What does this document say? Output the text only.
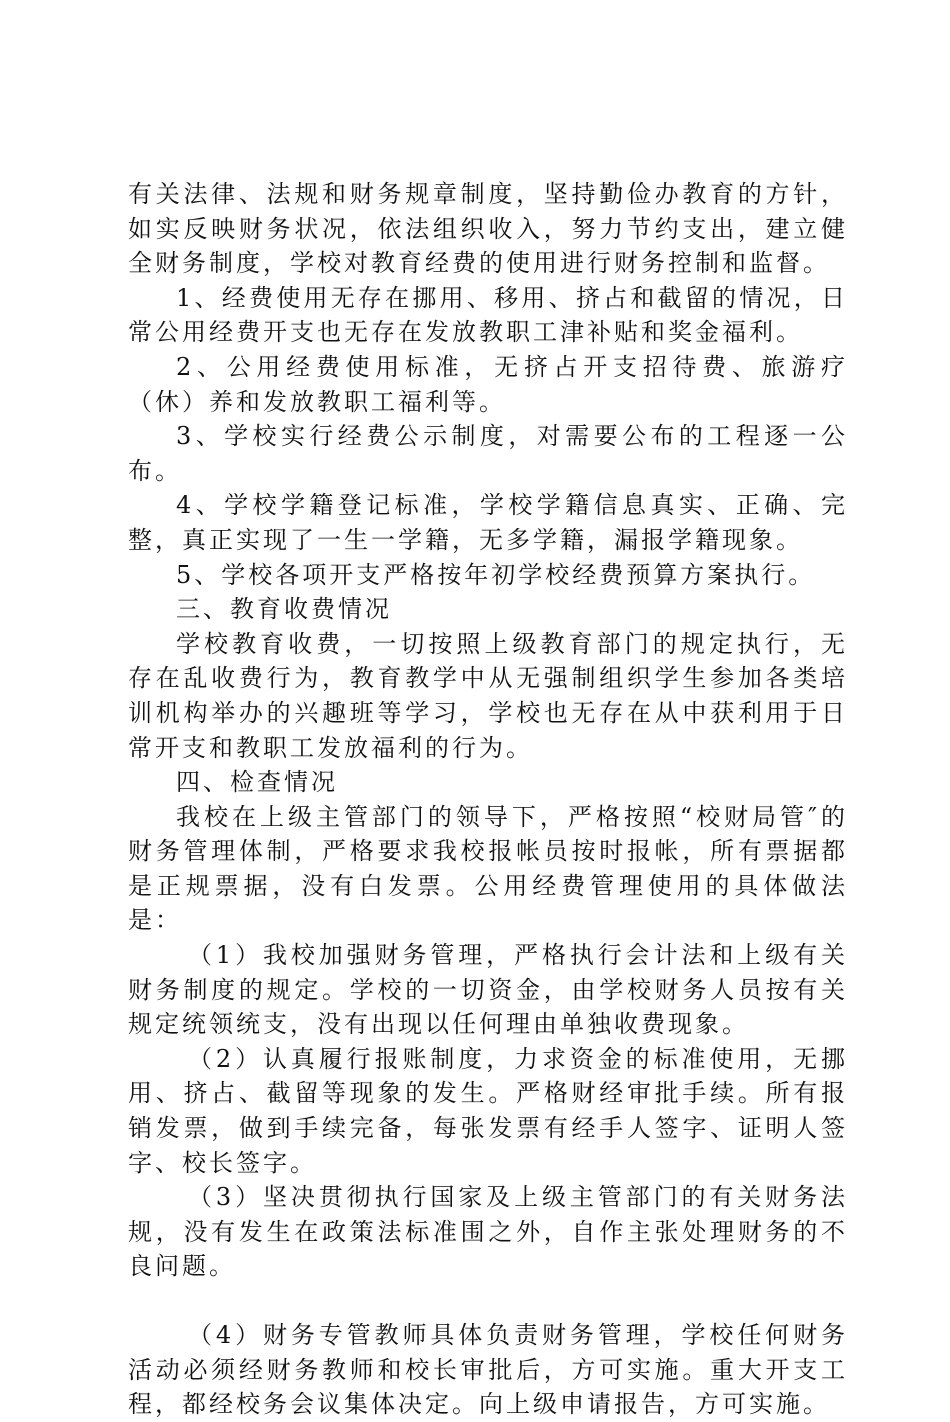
有关法律、法规和财务规章制度，坚持勤俭办教育的方针，如实反映财务状况，依法组织收入，努力节约支出，建立健全财务制度，学校对教育经费的使用进行财务控制和监督。

1、经费使用无存在挪用、移用、挤占和截留的情况，日常公用经费开支也无存在发放教职工津补贴和奖金福利。

2、公用经费使用标准，无挤占开支招待费、旅游疗（休）养和发放教职工福利等。

3、学校实行经费公示制度，对需要公布的工程逐一公布。

4、学校学籍登记标准，学校学籍信息真实、正确、完整，真正实现了一生一学籍，无多学籍，漏报学籍现象。

5、学校各项开支严格按年初学校经费预算方案执行。

三、教育收费情况

学校教育收费，一切按照上级教育部门的规定执行，无存在乱收费行为，教育教学中从无强制组织学生参加各类培训机构举办的兴趣班等学习，学校也无存在从中获利用于日常开支和教职工发放福利的行为。

四、检查情况

我校在上级主管部门的领导下，严格按照“校财局管″的财务管理体制，严格要求我校报帐员按时报帐，所有票据都是正规票据，没有白发票。公用经费管理使用的具体做法是：

（1）我校加强财务管理，严格执行会计法和上级有关财务制度的规定。学校的一切资金，由学校财务人员按有关规定统领统支，没有出现以任何理由单独收费现象。

（2）认真履行报账制度，力求资金的标准使用，无挪用、挤占、截留等现象的发生。严格财经审批手续。所有报销发票，做到手续完备，每张发票有经手人签字、证明人签字、校长签字。

（3）坚决贯彻执行国家及上级主管部门的有关财务法规，没有发生在政策法标准围之外，自作主张处理财务的不良问题。

（4）财务专管教师具体负责财务管理，学校任何财务活动必须经财务教师和校长审批后，方可实施。重大开支工程，都经校务会议集体决定。向上级申请报告，方可实施。
